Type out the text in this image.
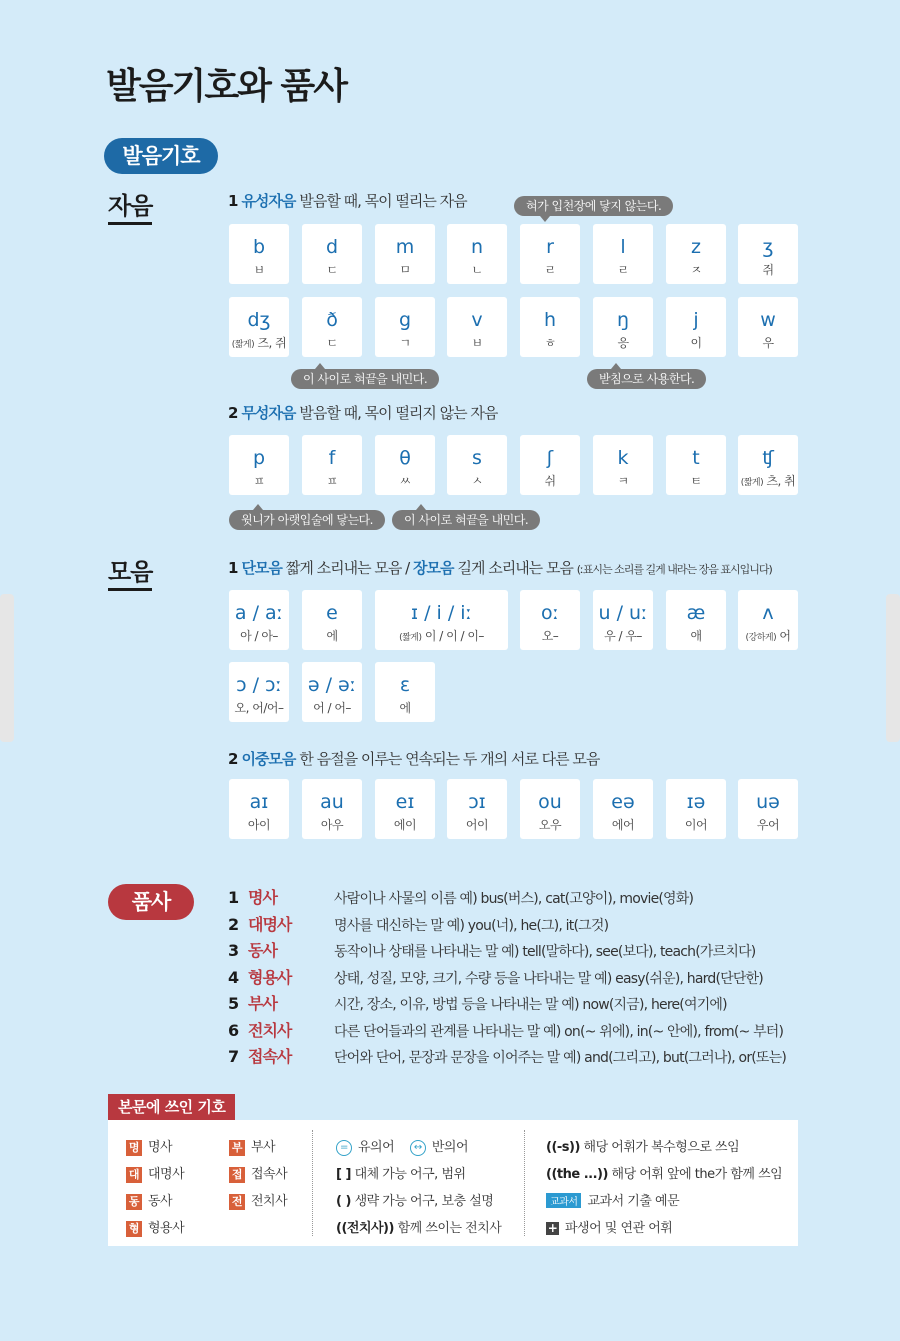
발음기호와 품사
발음기호
자음	1 유성자음 발음할 때, 목이 떨리는 자음	혀가 입천장에 닿지 않는다.
b
ㅂ
d
ㄷ
m
ㅁ
n
ㄴ
r
ㄹ
l
ㄹ
z
ㅈ
ʒ
쥐
dʒ
(짧게) 즈, 쥐
ð
ㄷ
g
ㄱ
v
ㅂ
h
ㅎ
ŋ
응
j
이
w
우
이 사이로 혀끝을 내민다.	받침으로 사용한다.
2 무성자음 발음할 때, 목이 떨리지 않는 자음
p
ㅍ
f
ㅍ
θ
ㅆ
s
ㅅ
ʃ
쉬
k
ㅋ
t
ㅌ
ʧ
(짧게) 츠, 취
윗니가 아랫입술에 닿는다.	이 사이로 혀끝을 내민다.
모음	1 단모음 짧게 소리내는 모음 / 장모음 길게 소리내는 모음 (ː표시는 소리를 길게 내라는 장음 표시입니다)
a / aː
아 / 아–
e
에
ɪ / i / iː
(짧게) 이 / 이 / 이–
oː
오–
u / uː
우 / 우–
æ
애
ʌ
(강하게) 어
ɔ / ɔː
오, 어/어–
ə / əː
어 / 어–
ɛ
에
2 이중모음 한 음절을 이루는 연속되는 두 개의 서로 다른 모음
aɪ
아이
au
아우
eɪ
에이
ɔɪ
어이
ou
오우
eə
에어
ɪə
이어
uə
우어
품사	1 명사	사람이나 사물의 이름 예) bus(버스), cat(고양이), movie(영화)
2 대명사	명사를 대신하는 말 예) you(너), he(그), it(그것)
3 동사	동작이나 상태를 나타내는 말 예) tell(말하다), see(보다), teach(가르치다)
4 형용사	상태, 성질, 모양, 크기, 수량 등을 나타내는 말 예) easy(쉬운), hard(단단한)
5 부사	시간, 장소, 이유, 방법 등을 나타내는 말 예) now(지금), here(여기에)
6 전치사	다른 단어들과의 관계를 나타내는 말 예) on(~ 위에), in(~ 안에), from(~ 부터)
7 접속사	단어와 단어, 문장과 문장을 이어주는 말 예) and(그리고), but(그러나), or(또는)
본문에 쓰인 기호
명 명사
대 대명사
동 동사
형 형용사
부 부사
접 접속사
전 전치사
= 유의어 ↔ 반의어
[ ] 대체 가능 어구, 범위
( ) 생략 가능 어구, 보충 설명
((전치사)) 함께 쓰이는 전치사
((-s)) 해당 어휘가 복수형으로 쓰임
((the ...)) 해당 어휘 앞에 the가 함께 쓰임
교과서 교과서 기출 예문
+ 파생어 및 연관 어휘
